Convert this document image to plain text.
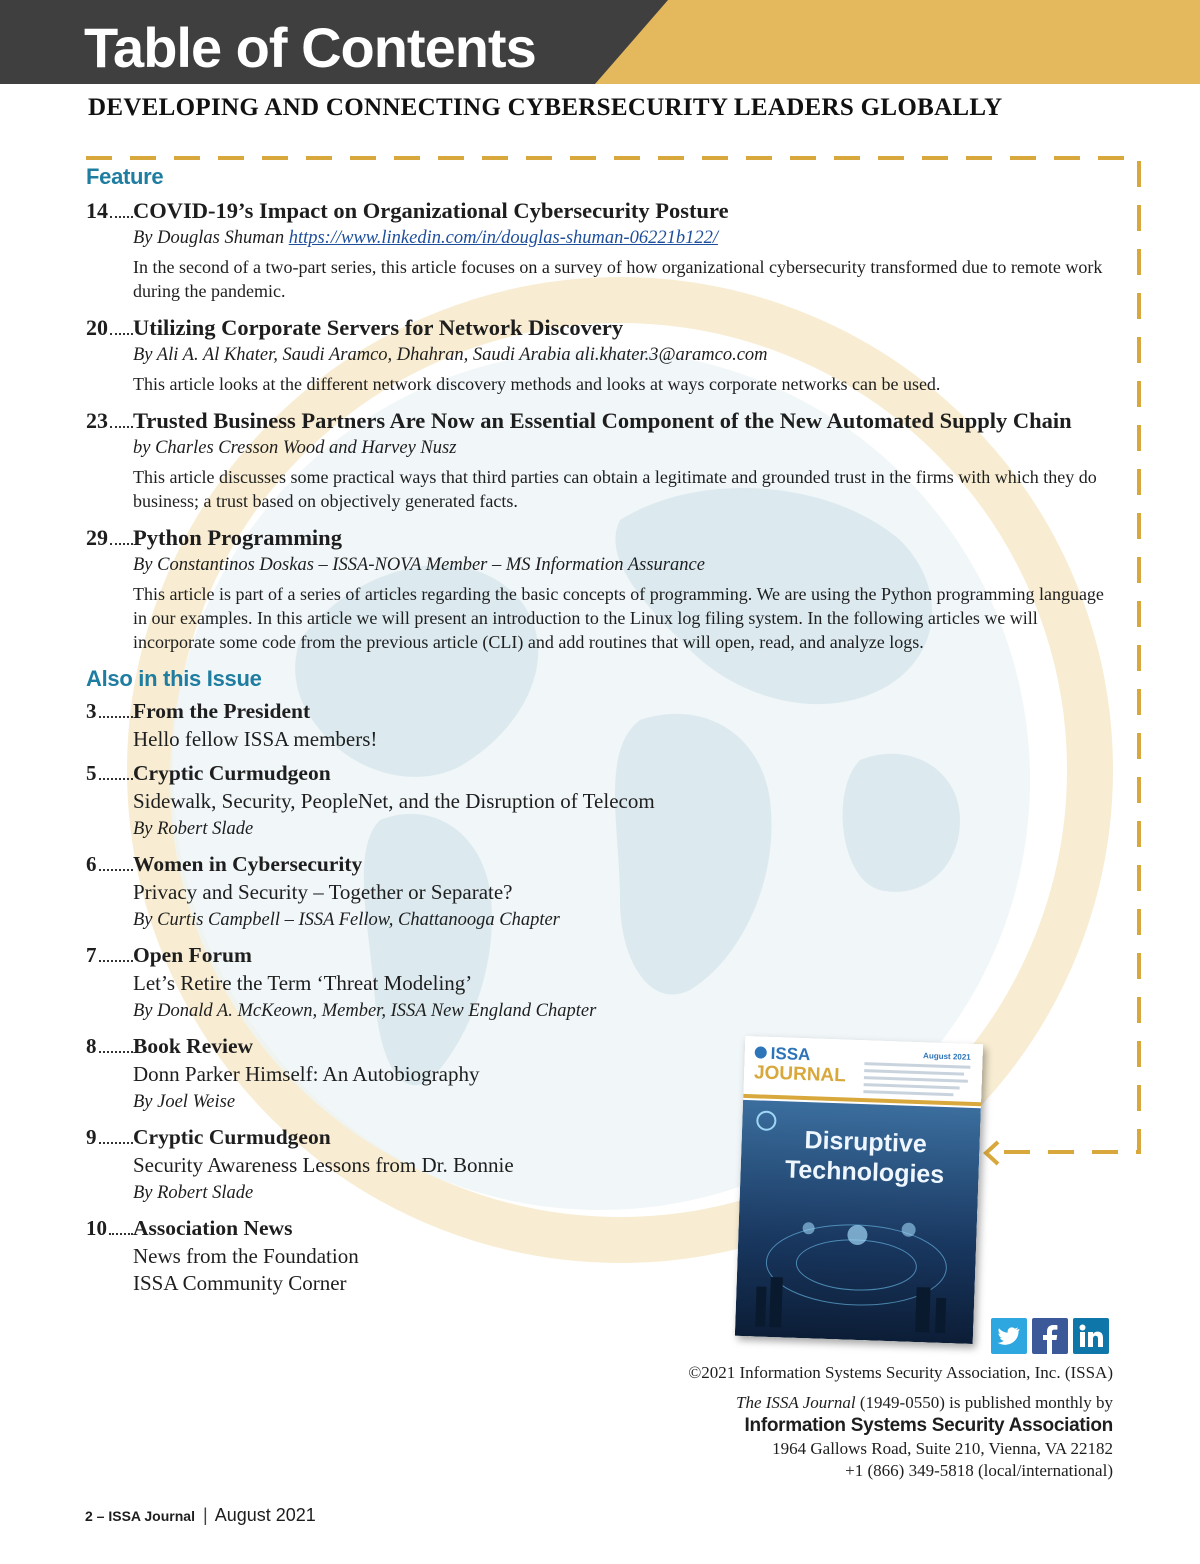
Table of Contents
DEVELOPING AND CONNECTING CYBERSECURITY LEADERS GLOBALLY
Feature
14 COVID-19’s Impact on Organizational Cybersecurity Posture
By Douglas Shuman https://www.linkedin.com/in/douglas-shuman-06221b122/
In the second of a two-part series, this article focuses on a survey of how organizational cybersecurity transformed due to remote work during the pandemic.
20 Utilizing Corporate Servers for Network Discovery
By Ali A. Al Khater, Saudi Aramco, Dhahran, Saudi Arabia ali.khater.3@aramco.com
This article looks at the different network discovery methods and looks at ways corporate networks can be used.
23 Trusted Business Partners Are Now an Essential Component of the New Automated Supply Chain
by Charles Cresson Wood and Harvey Nusz
This article discusses some practical ways that third parties can obtain a legitimate and grounded trust in the firms with which they do business; a trust based on objectively generated facts.
29 Python Programming
By Constantinos Doskas – ISSA-NOVA Member – MS Information Assurance
This article is part of a series of articles regarding the basic concepts of programming. We are using the Python programming language in our examples. In this article we will present an introduction to the Linux log filing system. In the following articles we will incorporate some code from the previous article (CLI) and add routines that will open, read, and analyze logs.
Also in this Issue
3 From the President
Hello fellow ISSA members!
5 Cryptic Curmudgeon
Sidewalk, Security, PeopleNet, and the Disruption of Telecom
By Robert Slade
6 Women in Cybersecurity
Privacy and Security – Together or Separate?
By Curtis Campbell – ISSA Fellow, Chattanooga Chapter
7 Open Forum
Let’s Retire the Term ‘Threat Modeling’
By Donald A. McKeown, Member, ISSA New England Chapter
8 Book Review
Donn Parker Himself: An Autobiography
By Joel Weise
9 Cryptic Curmudgeon
Security Awareness Lessons from Dr. Bonnie
By Robert Slade
10 Association News
News from the Foundation
ISSA Community Corner
ISSA
JOURNAL
August 2021
Disruptive
Technologies
©2021 Information Systems Security Association, Inc. (ISSA)
The ISSA Journal (1949-0550) is published monthly by
Information Systems Security Association
1964 Gallows Road, Suite 210, Vienna, VA 22182
+1 (866) 349-5818 (local/international)
2 – ISSA Journal | August 2021
